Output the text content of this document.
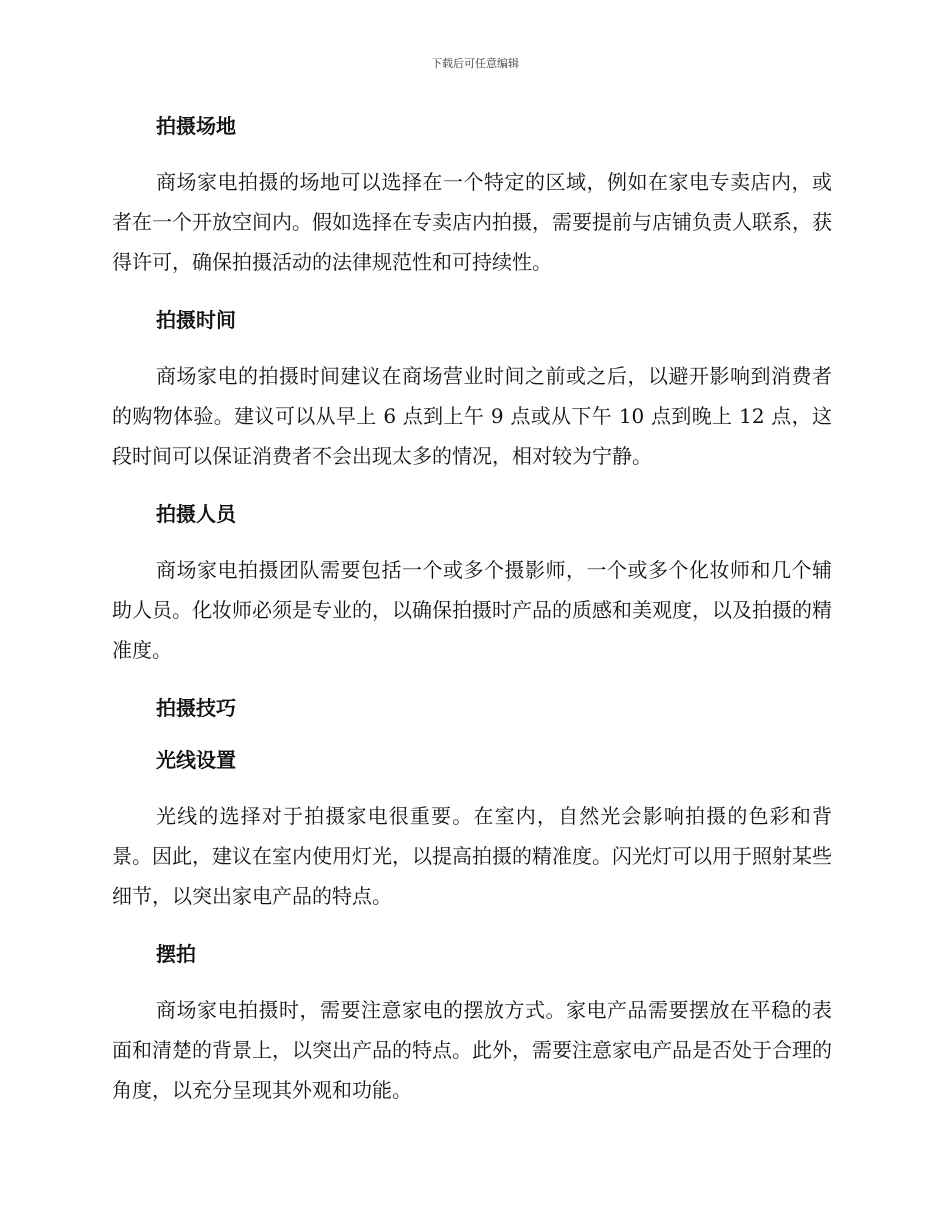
下载后可任意编辑
拍摄场地

商场家电拍摄的场地可以选择在一个特定的区域，例如在家电专卖店内，或者在一个开放空间内。假如选择在专卖店内拍摄，需要提前与店铺负责人联系，获得许可，确保拍摄活动的法律规范性和可持续性。

拍摄时间

商场家电的拍摄时间建议在商场营业时间之前或之后，以避开影响到消费者的购物体验。建议可以从早上 6 点到上午 9 点或从下午 10 点到晚上 12 点，这段时间可以保证消费者不会出现太多的情况，相对较为宁静。

拍摄人员

商场家电拍摄团队需要包括一个或多个摄影师，一个或多个化妆师和几个辅助人员。化妆师必须是专业的，以确保拍摄时产品的质感和美观度，以及拍摄的精准度。

拍摄技巧
光线设置

光线的选择对于拍摄家电很重要。在室内，自然光会影响拍摄的色彩和背景。因此，建议在室内使用灯光，以提高拍摄的精准度。闪光灯可以用于照射某些细节，以突出家电产品的特点。

摆拍

商场家电拍摄时，需要注意家电的摆放方式。家电产品需要摆放在平稳的表面和清楚的背景上，以突出产品的特点。此外，需要注意家电产品是否处于合理的角度，以充分呈现其外观和功能。
